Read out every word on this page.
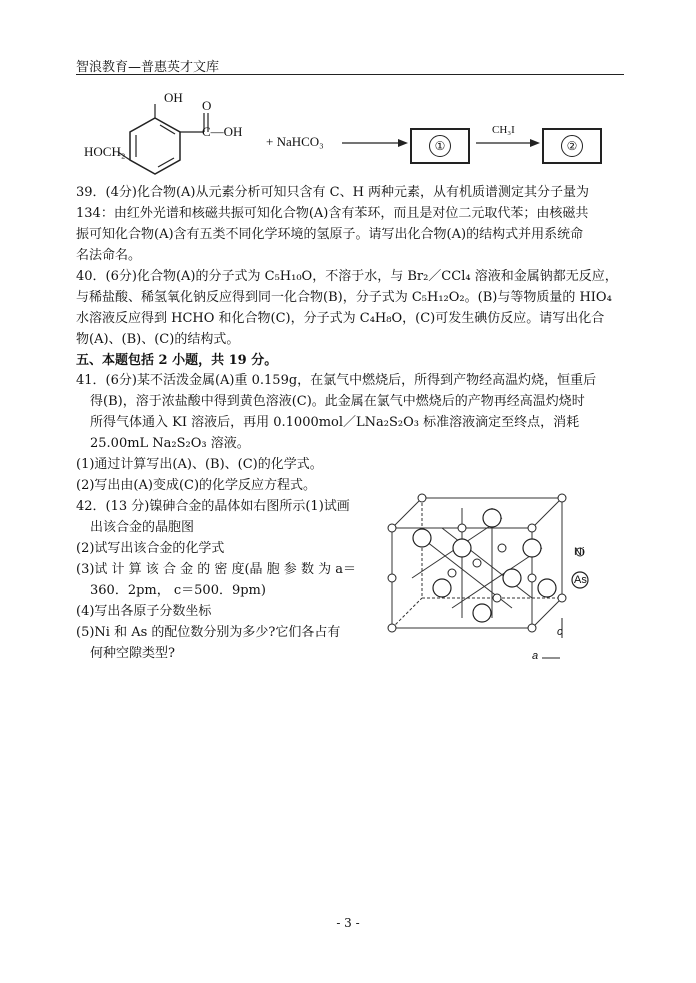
智浪教育—普惠英才文库
OH
O
C—OH
HOCH₂
+ NaHCO₃	①
CH₃I
②

39．(4分)化合物(A)从元素分析可知只含有 C、H 两种元素，从有机质谱测定其分子量为

134：由红外光谱和核磁共振可知化合物(A)含有苯环，而且是对位二元取代苯；由核磁共

振可知化合物(A)含有五类不同化学环境的氢原子。请写出化合物(A)的结构式并用系统命

名法命名。

40．(6分)化合物(A)的分子式为 C₅H₁₀O，不溶于水，与 Br₂／CCl₄ 溶液和金属钠都无反应，

与稀盐酸、稀氢氧化钠反应得到同一化合物(B)，分子式为 C₅H₁₂O₂。(B)与等物质量的 HIO₄

水溶液反应得到 HCHO 和化合物(C)，分子式为 C₄H₈O，(C)可发生碘仿反应。请写出化合

物(A)、(B)、(C)的结构式。

五、本题包括 2 小题，共 19 分。

41．(6分)某不活泼金属(A)重 0.159g，在氯气中燃烧后，所得到产物经高温灼烧，恒重后

得(B)，溶于浓盐酸中得到黄色溶液(C)。此金属在氯气中燃烧后的产物再经高温灼烧时

所得气体通入 KI 溶液后，再用 0.1000mol／LNa₂S₂O₃ 标准溶液滴定至终点，消耗

25.00mL Na₂S₂O₃ 溶液。

(1)通过计算写出(A)、(B)、(C)的化学式。

(2)写出由(A)变成(C)的化学反应方程式。

42．(13 分)镍砷合金的晶体如右图所示(1)试画

出该合金的晶胞图

(2)试写出该合金的化学式

(3)试 计 算 该 合 金 的 密 度(晶 胞 参 数 为 a＝

360．2pm， c＝500．9pm)

(4)写出各原子分数坐标

(5)Ni 和 As 的配位数分别为多少?它们各占有

何种空隙类型?

Ni
As
c
a
- 3 -
